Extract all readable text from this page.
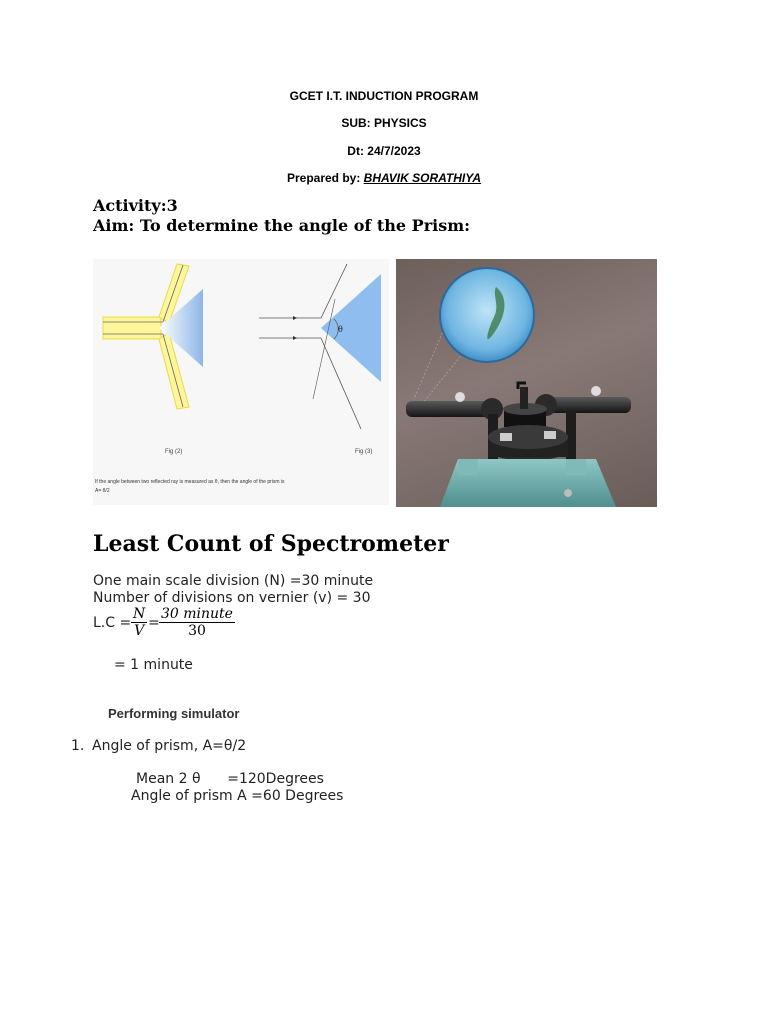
GCET I.T. INDUCTION PROGRAM
SUB: PHYSICS
Dt: 24/7/2023
Prepared by: BHAVIK SORATHIYA
Activity:3
Aim: To determine the angle of the Prism:
θ
Fig (2)	Fig (3)
If the angle between two reflected ray is measured as θ, then the angle of the prism is
A= θ/2
Least Count of Spectrometer
One main scale division (N) =30 minute
Number of divisions on vernier (v) = 30
$L.C = \frac{N}{V}$ =
30 minute
30
= 1 minute
Performing simulator
1. Angle of prism, A=θ/2
Mean 2 θ      =120Degrees
Angle of prism A =60 Degrees
